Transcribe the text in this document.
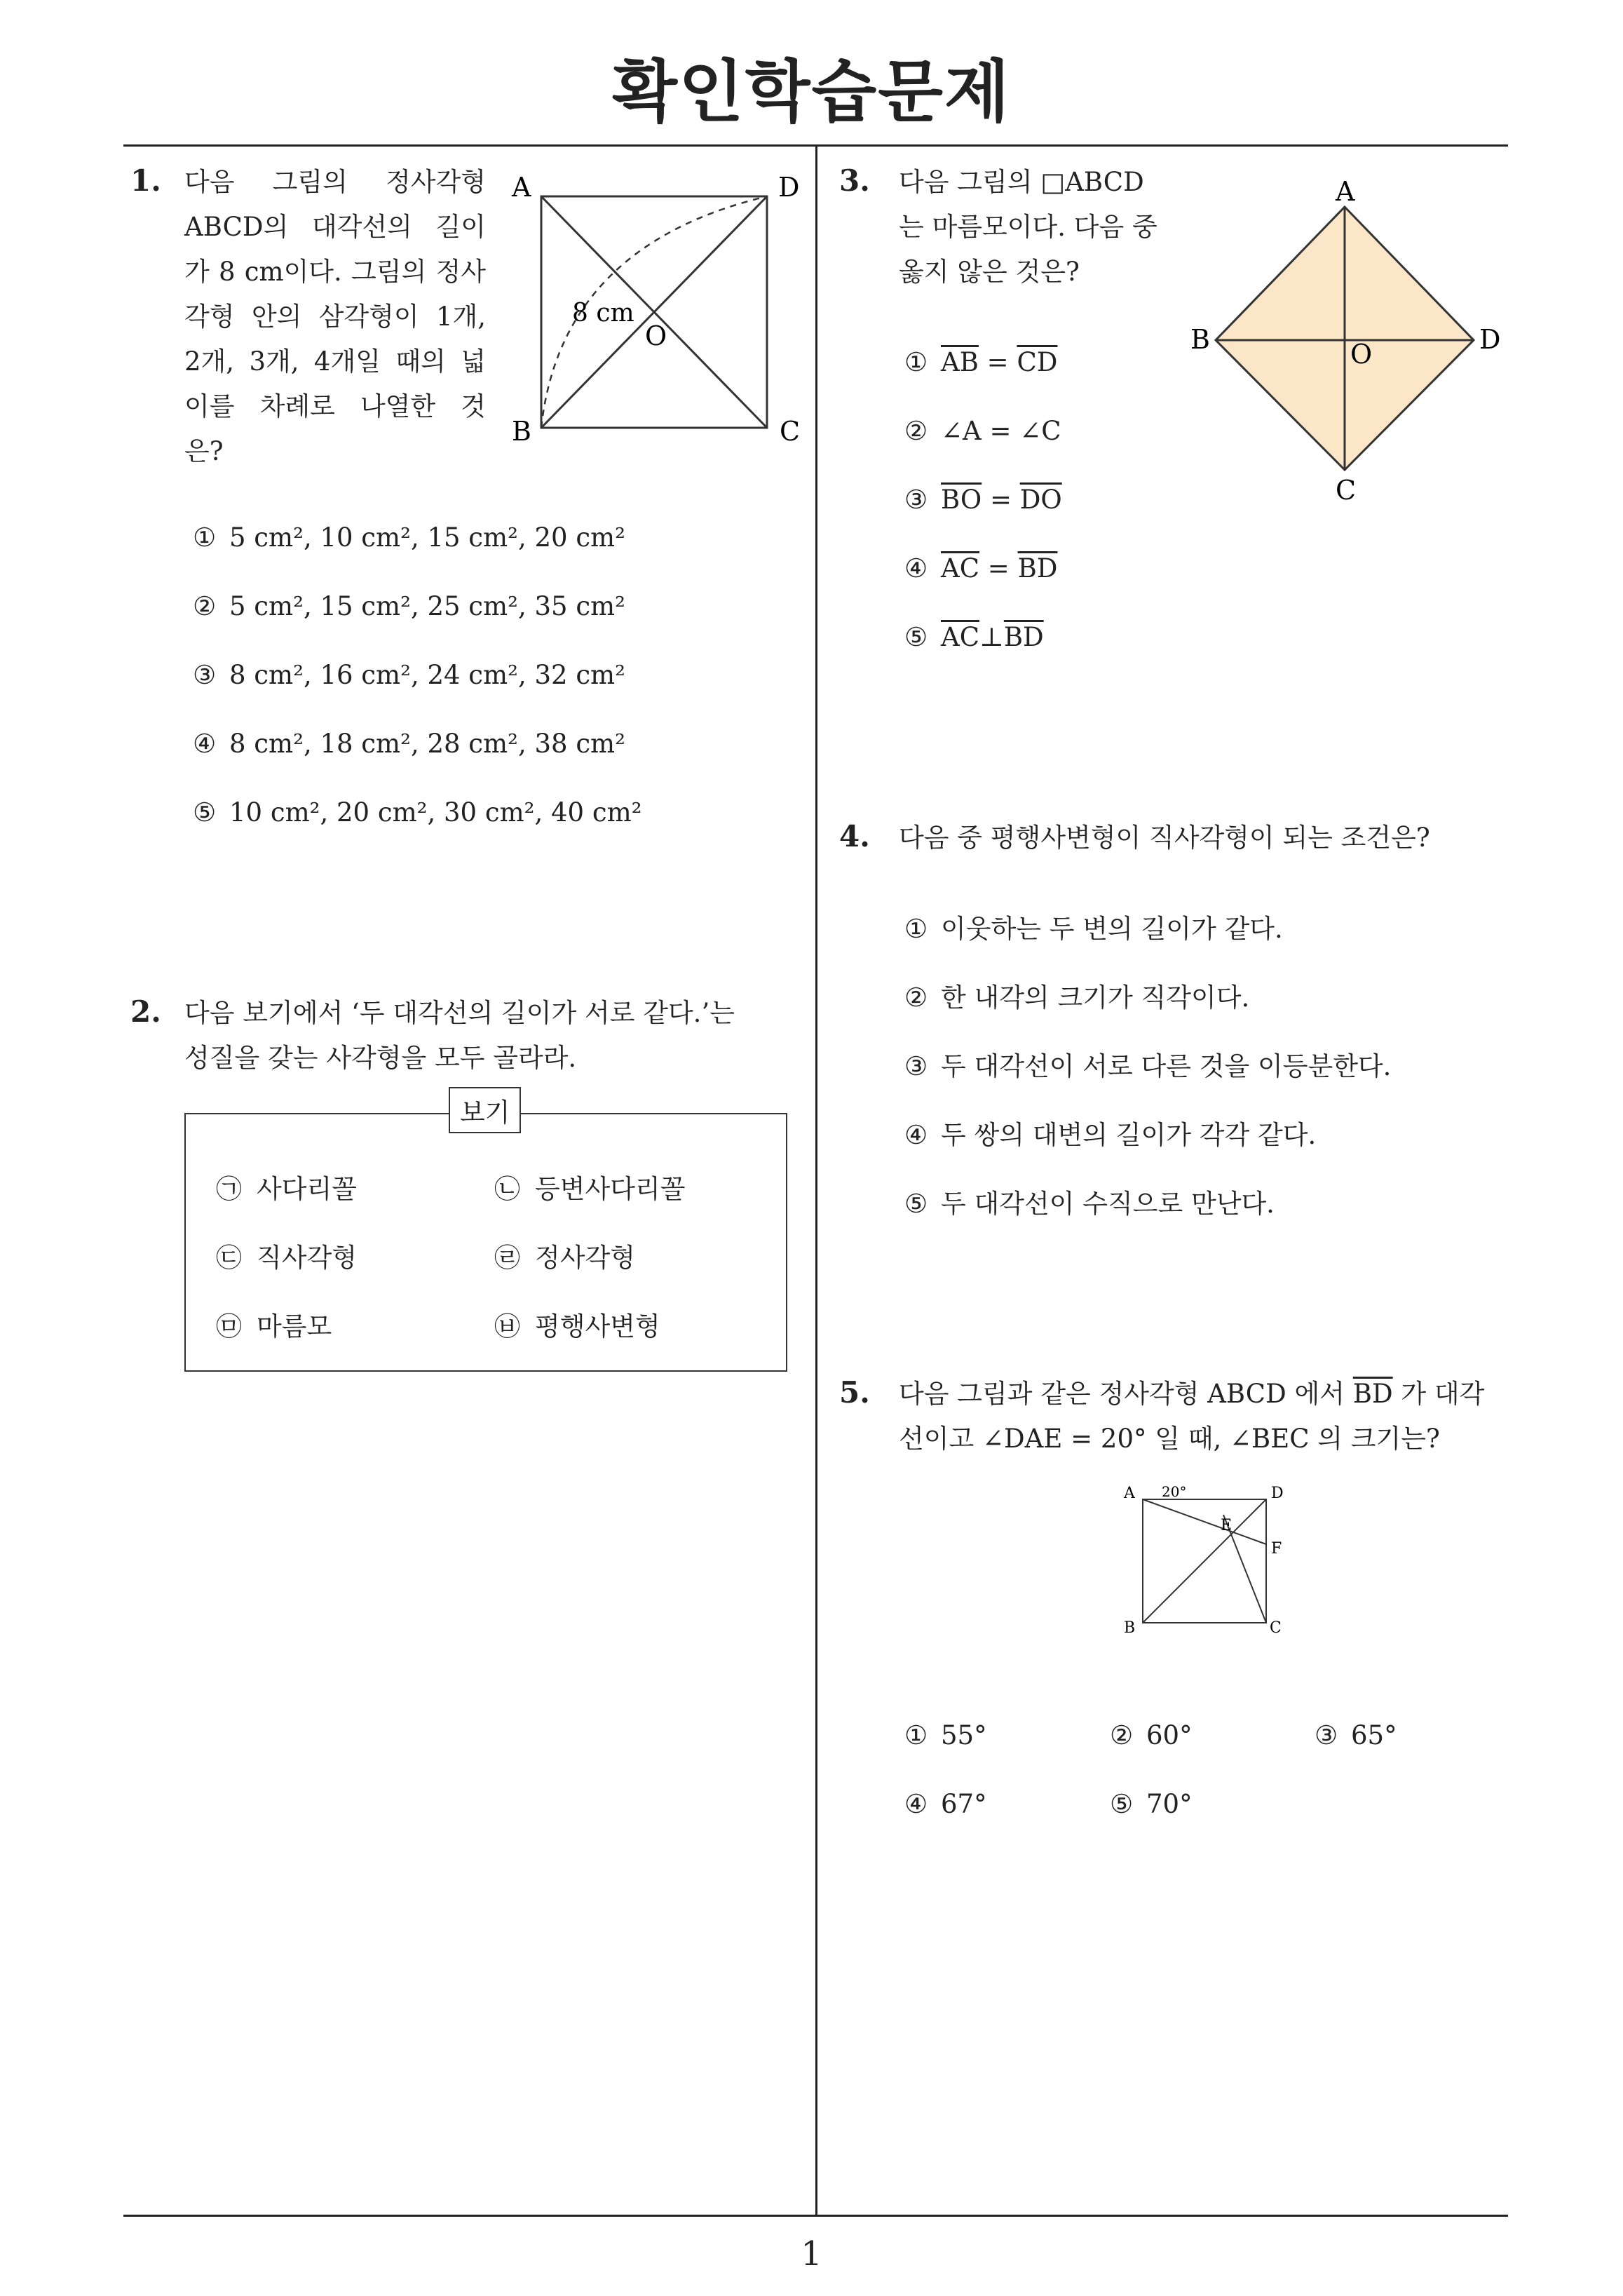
확인학습문제
1
1. 다음 그림의 정사각형
ABCD의 대각선의 길이
가 8 cm이다. 그림의 정사
각형 안의 삼각형이 1개,
2개, 3개, 4개일 때의 넓
이를 차례로 나열한 것
은?
A	D
B	C
O
8 cm
① 5 cm², 10 cm², 15 cm², 20 cm²
② 5 cm², 15 cm², 25 cm², 35 cm²
③ 8 cm², 16 cm², 24 cm², 32 cm²
④ 8 cm², 18 cm², 28 cm², 38 cm²
⑤ 10 cm², 20 cm², 30 cm², 40 cm²
2. 다음 보기에서 ‘두 대각선의 길이가 서로 같다.’는
성질을 갖는 사각형을 모두 골라라.
보기
㉠ 사다리꼴	㉡ 등변사다리꼴
㉢ 직사각형	㉣ 정사각형
㉤ 마름모	㉥ 평행사변형
3. 다음 그림의 □ABCD
는 마름모이다. 다음 중
옳지 않은 것은?
A
B	D
C
O
① $\overline{AB} = \overline{CD}$
② ∠A = ∠C
③ $\overline{BO} = \overline{DO}$
④ $\overline{AC} = \overline{BD}$
⑤ $\overline{AC}\perp\overline{BD}$
4. 다음 중 평행사변형이 직사각형이 되는 조건은?
① 이웃하는 두 변의 길이가 같다.
② 한 내각의 크기가 직각이다.
③ 두 대각선이 서로 다른 것을 이등분한다.
④ 두 쌍의 대변의 길이가 각각 같다.
⑤ 두 대각선이 수직으로 만난다.
5. 다음 그림과 같은 정사각형 ABCD 에서 $\overline{BD}$ 가 대각
선이고 ∠DAE = 20° 일 때, ∠BEC 의 크기는?
A	D
B	C
E
F
20°
① 55°	② 60°	③ 65°
④ 67°	⑤ 70°
